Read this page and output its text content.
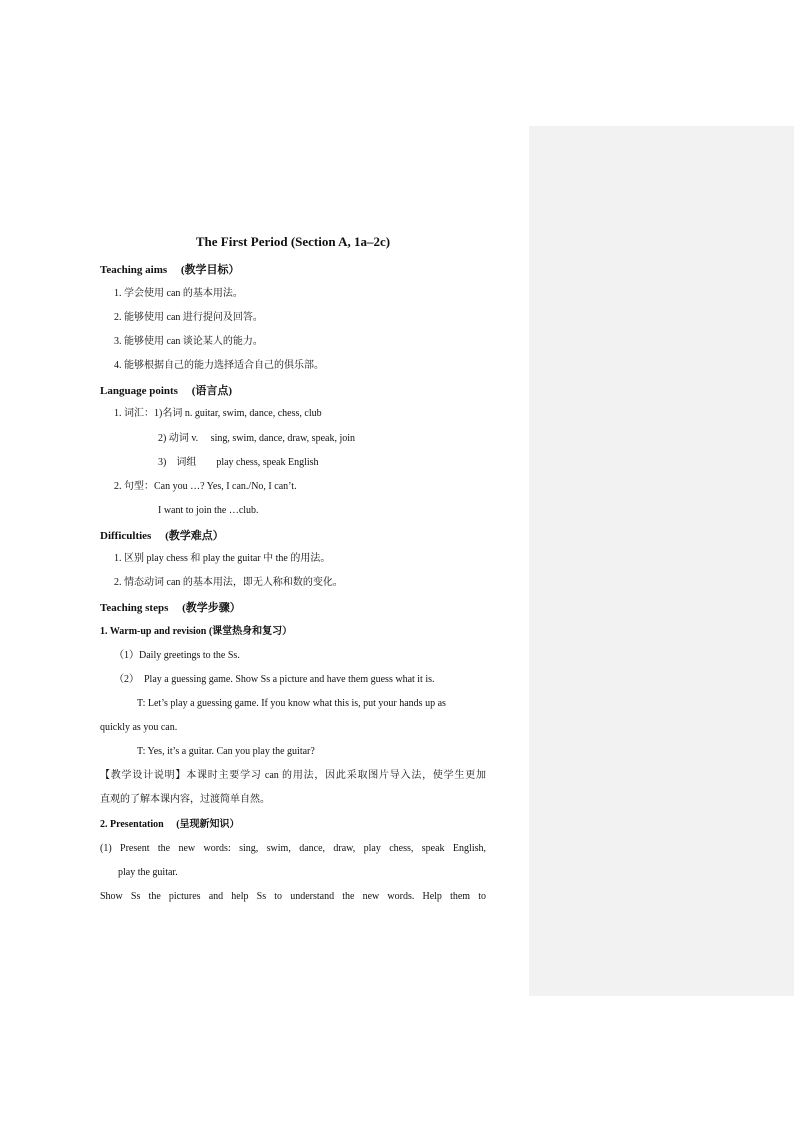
The First Period (Section A, 1a–2c)
Teaching aims 　(教学目标）
1. 学会使用 can 的基本用法。
2. 能够使用 can 进行提问及回答。
3. 能够使用 can 谈论某人的能力。
4. 能够根据自己的能力选择适合自己的俱乐部。
Language points 　(语言点)
1. 词汇：1)名词 n. guitar, swim, dance, chess, club
2) 动词 v.　 sing, swim, dance, draw, speak, join
3)　词组　　play chess, speak English
2. 句型：Can you …? Yes, I can./No, I can’t.
I want to join the …club.
Difficulties 　(教学难点）
1. 区别 play chess 和 play the guitar 中 the 的用法。
2. 情态动词 can 的基本用法，即无人称和数的变化。
Teaching steps 　(教学步骤）
1. Warm-up and revision (课堂热身和复习）
（1）Daily greetings to the Ss.
（2）　Play a guessing game. Show Ss a picture and have them guess what it is.
T: Let’s play a guessing game. If you know what this is, put your hands up as
quickly as you can.
T: Yes, it’s a guitar. Can you play the guitar?
【教学设计说明】本课时主要学习 can 的用法，因此采取图片导入法，使学生更加
直观的了解本课内容，过渡简单自然。
2. Presentation 　(呈现新知识）
(1) Present the new words: sing, swim, dance, draw, play chess, speak English,
play the guitar.
Show Ss the pictures and help Ss to understand the new words. Help them to
